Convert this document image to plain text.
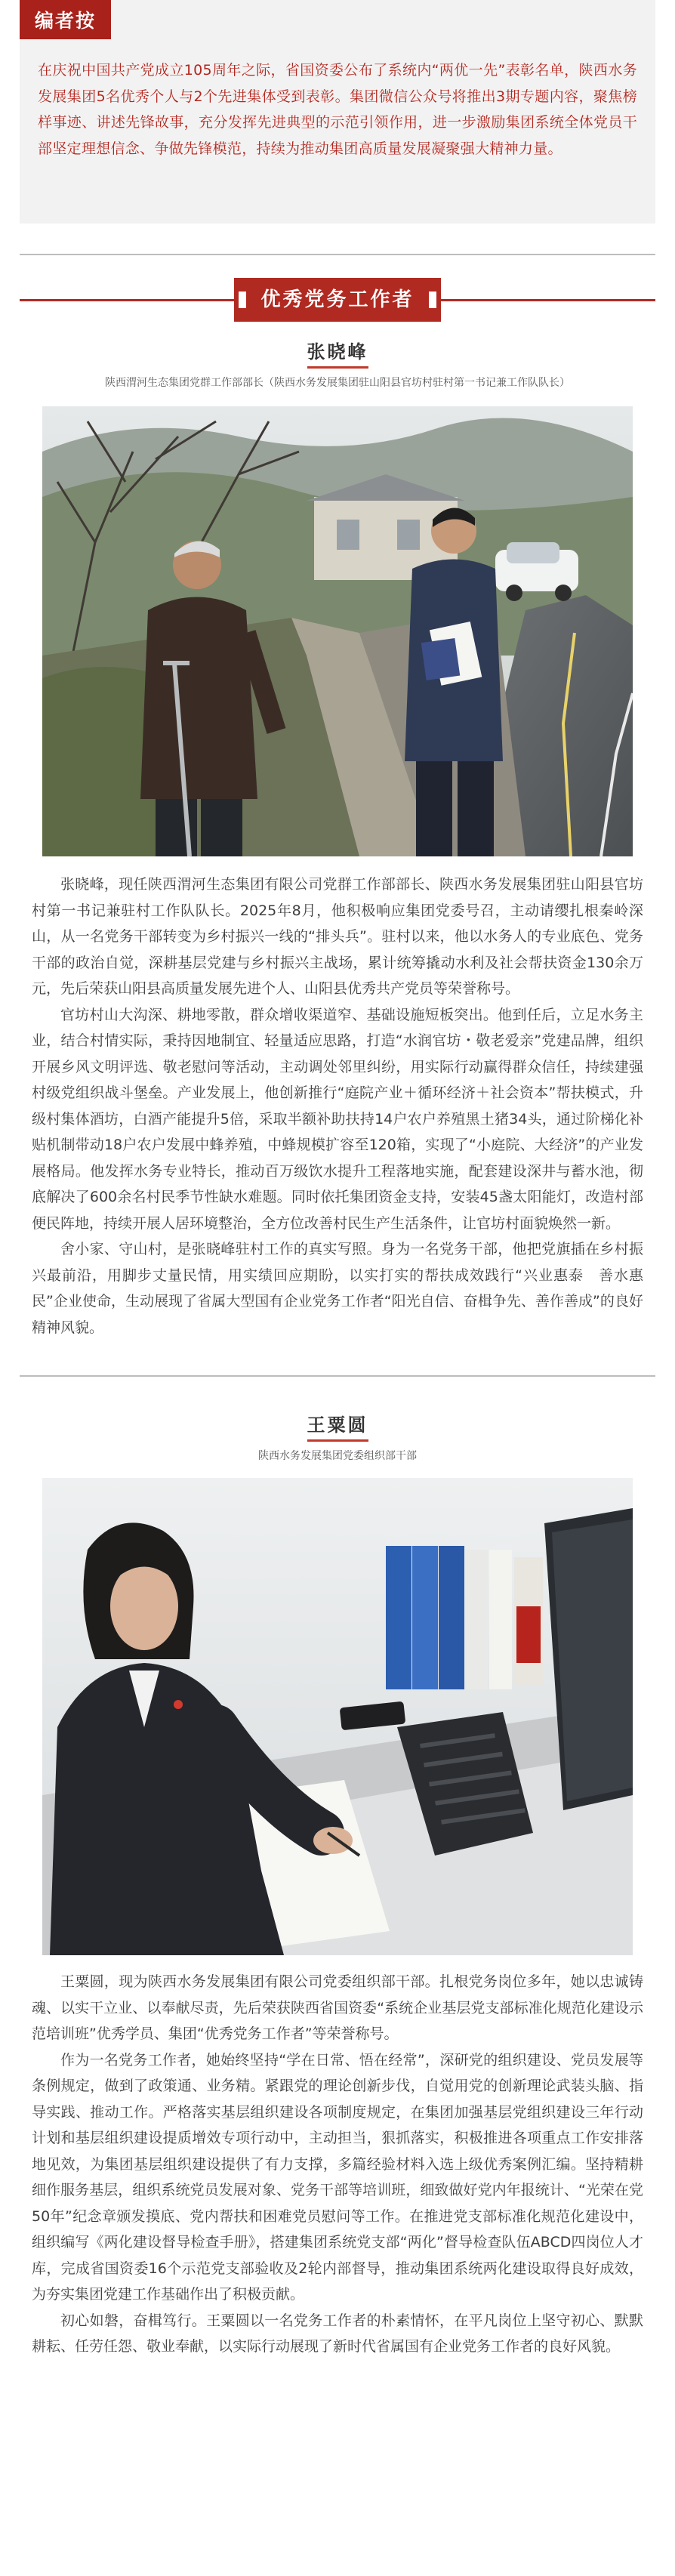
编者按
在庆祝中国共产党成立105周年之际，省国资委公布了系统内“两优一先”表彰名单，陕西水务发展集团5名优秀个人与2个先进集体受到表彰。集团微信公众号将推出3期专题内容，聚焦榜样事迹、讲述先锋故事，充分发挥先进典型的示范引领作用，进一步激励集团系统全体党员干部坚定理想信念、争做先锋模范，持续为推动集团高质量发展凝聚强大精神力量。
优秀党务工作者
张晓峰
陕西渭河生态集团党群工作部部长（陕西水务发展集团驻山阳县官坊村驻村第一书记兼工作队队长）

张晓峰，现任陕西渭河生态集团有限公司党群工作部部长、陕西水务发展集团驻山阳县官坊村第一书记兼驻村工作队队长。2025年8月，他积极响应集团党委号召，主动请缨扎根秦岭深山，从一名党务干部转变为乡村振兴一线的“排头兵”。驻村以来，他以水务人的专业底色、党务干部的政治自觉，深耕基层党建与乡村振兴主战场，累计统筹撬动水利及社会帮扶资金130余万元，先后荣获山阳县高质量发展先进个人、山阳县优秀共产党员等荣誉称号。

官坊村山大沟深、耕地零散，群众增收渠道窄、基础设施短板突出。他到任后，立足水务主业，结合村情实际，秉持因地制宜、轻量适应思路，打造“水润官坊・敬老爱亲”党建品牌，组织开展乡风文明评选、敬老慰问等活动，主动调处邻里纠纷，用实际行动赢得群众信任，持续建强村级党组织战斗堡垒。产业发展上，他创新推行“庭院产业＋循环经济＋社会资本”帮扶模式，升级村集体酒坊，白酒产能提升5倍，采取半额补助扶持14户农户养殖黑土猪34头，通过阶梯化补贴机制带动18户农户发展中蜂养殖，中蜂规模扩容至120箱，实现了“小庭院、大经济”的产业发展格局。他发挥水务专业特长，推动百万级饮水提升工程落地实施，配套建设深井与蓄水池，彻底解决了600余名村民季节性缺水难题。同时依托集团资金支持，安装45盏太阳能灯，改造村部便民阵地，持续开展人居环境整治，全方位改善村民生产生活条件，让官坊村面貌焕然一新。

舍小家、守山村，是张晓峰驻村工作的真实写照。身为一名党务干部，他把党旗插在乡村振兴最前沿，用脚步丈量民情，用实绩回应期盼，以实打实的帮扶成效践行“兴业惠泰　善水惠民”企业使命，生动展现了省属大型国有企业党务工作者“阳光自信、奋楫争先、善作善成”的良好精神风貌。

王粟圆
陕西水务发展集团党委组织部干部

王粟圆，现为陕西水务发展集团有限公司党委组织部干部。扎根党务岗位多年，她以忠诚铸魂、以实干立业、以奉献尽责，先后荣获陕西省国资委“系统企业基层党支部标准化规范化建设示范培训班”优秀学员、集团“优秀党务工作者”等荣誉称号。

作为一名党务工作者，她始终坚持“学在日常、悟在经常”，深研党的组织建设、党员发展等条例规定，做到了政策通、业务精。紧跟党的理论创新步伐，自觉用党的创新理论武装头脑、指导实践、推动工作。严格落实基层组织建设各项制度规定，在集团加强基层党组织建设三年行动计划和基层组织建设提质增效专项行动中，主动担当，狠抓落实，积极推进各项重点工作安排落地见效，为集团基层组织建设提供了有力支撑，多篇经验材料入选上级优秀案例汇编。坚持精耕细作服务基层，组织系统党员发展对象、党务干部等培训班，细致做好党内年报统计、“光荣在党50年”纪念章颁发摸底、党内帮扶和困难党员慰问等工作。在推进党支部标准化规范化建设中，组织编写《两化建设督导检查手册》，搭建集团系统党支部“两化”督导检查队伍ABCD四岗位人才库，完成省国资委16个示范党支部验收及2轮内部督导，推动集团系统两化建设取得良好成效，为夯实集团党建工作基础作出了积极贡献。

初心如磐，奋楫笃行。王粟圆以一名党务工作者的朴素情怀，在平凡岗位上坚守初心、默默耕耘、任劳任怨、敬业奉献，以实际行动展现了新时代省属国有企业党务工作者的良好风貌。
